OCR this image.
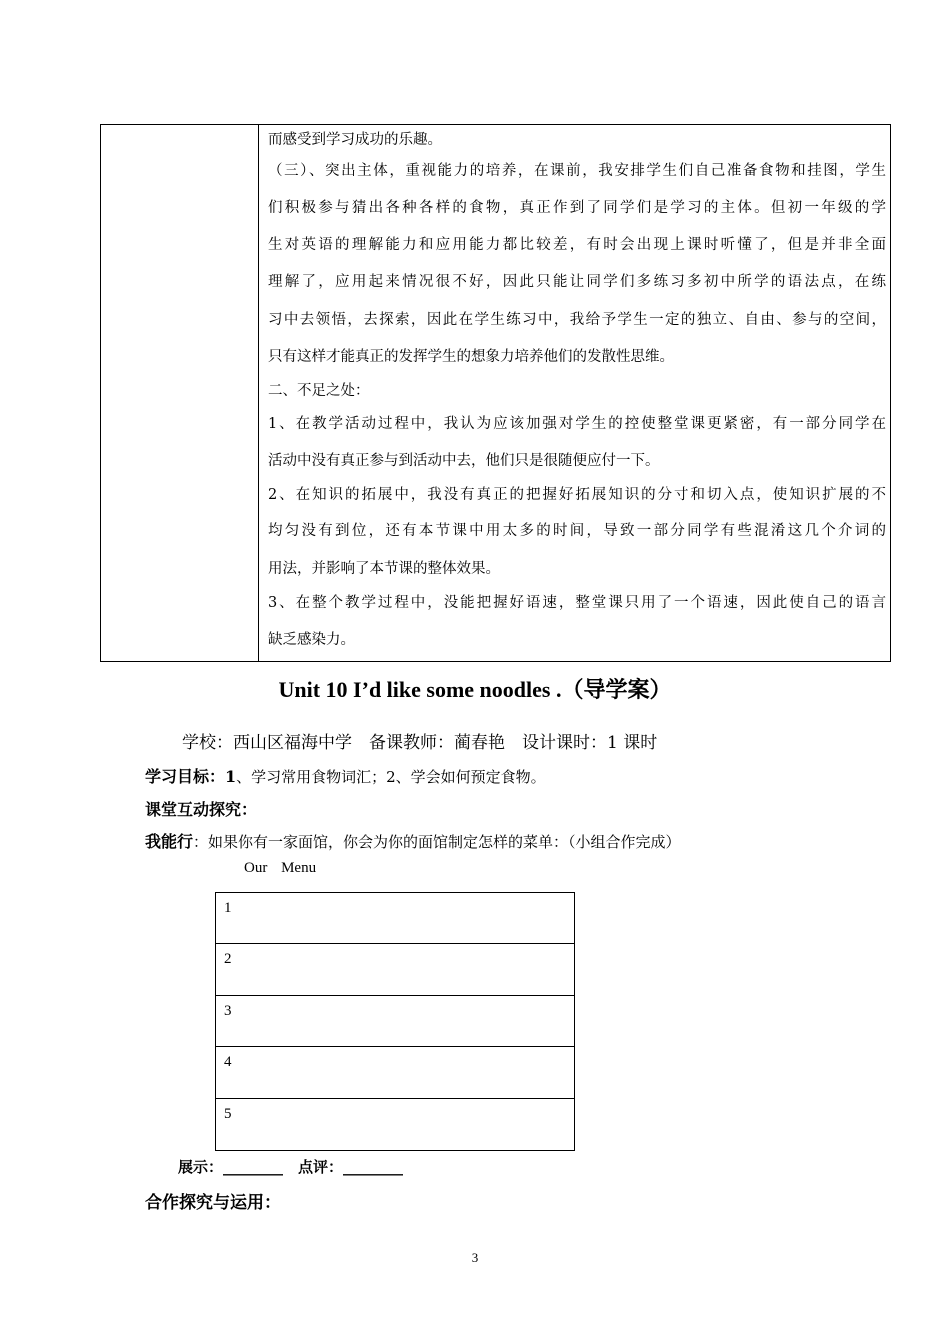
而感受到学习成功的乐趣。
（三）、突出主体，重视能力的培养，在课前，我安排学生们自己准备食物和挂图，学生
们积极参与猜出各种各样的食物，真正作到了同学们是学习的主体。但初一年级的学
生对英语的理解能力和应用能力都比较差，有时会出现上课时听懂了，但是并非全面
理解了，应用起来情况很不好，因此只能让同学们多练习多初中所学的语法点，在练
习中去领悟，去探索，因此在学生练习中，我给予学生一定的独立、自由、参与的空间，
只有这样才能真正的发挥学生的想象力培养他们的发散性思维。
二、不足之处：
1、在教学活动过程中，我认为应该加强对学生的控使整堂课更紧密，有一部分同学在
活动中没有真正参与到活动中去，他们只是很随便应付一下。
2、在知识的拓展中，我没有真正的把握好拓展知识的分寸和切入点，使知识扩展的不
均匀没有到位，还有本节课中用太多的时间，导致一部分同学有些混淆这几个介词的
用法，并影响了本节课的整体效果。
3、在整个教学过程中，没能把握好语速，整堂课只用了一个语速，因此使自己的语言
缺乏感染力。
Unit 10 I’d like some noodles .（导学案）
学校：西山区福海中学　备课教师：蔺春艳　设计课时：1 课时
学习目标：1、学习常用食物词汇；2、学会如何预定食物。
课堂互动探究：
我能行：如果你有一家面馆，你会为你的面馆制定怎样的菜单：（小组合作完成）
Our Menu
1
2
3
4
5
展示：________　点评：________
合作探究与运用：
3
